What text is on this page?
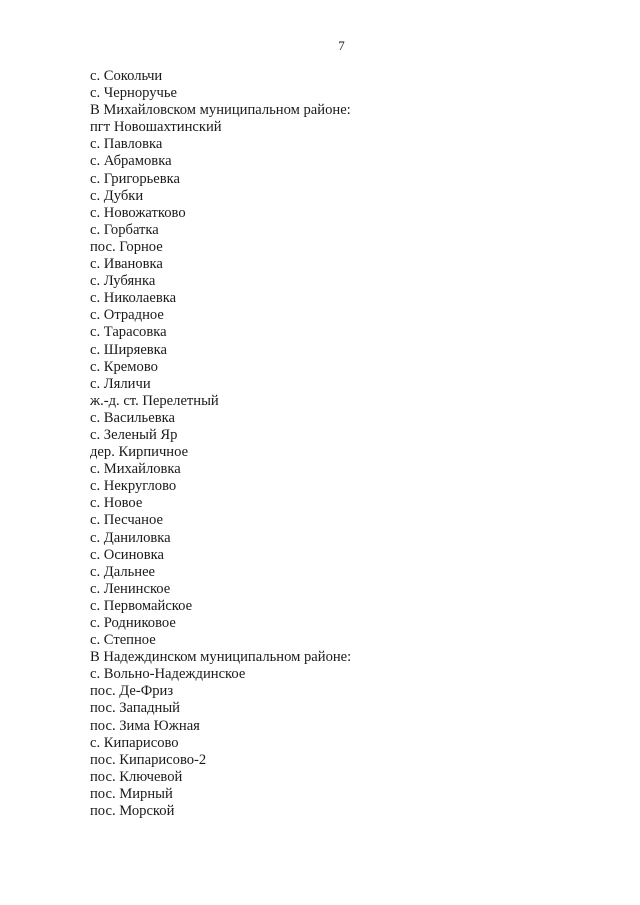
7
с. Сокольчи
с. Черноручье
В Михайловском муниципальном районе:
пгт Новошахтинский
с. Павловка
с. Абрамовка
с. Григорьевка
с. Дубки
с. Новожатково
с. Горбатка
пос. Горное
с. Ивановка
с. Лубянка
с. Николаевка
с. Отрадное
с. Тарасовка
с. Ширяевка
с. Кремово
с. Ляличи
ж.-д. ст. Перелетный
с. Васильевка
с. Зеленый Яр
дер. Кирпичное
с. Михайловка
с. Некруглово
с. Новое
с. Песчаное
с. Даниловка
с. Осиновка
с. Дальнее
с. Ленинское
с. Первомайское
с. Родниковое
с. Степное
В Надеждинском муниципальном районе:
с. Вольно-Надеждинское
пос. Де-Фриз
пос. Западный
пос. Зима Южная
с. Кипарисово
пос. Кипарисово-2
пос. Ключевой
пос. Мирный
пос. Морской
